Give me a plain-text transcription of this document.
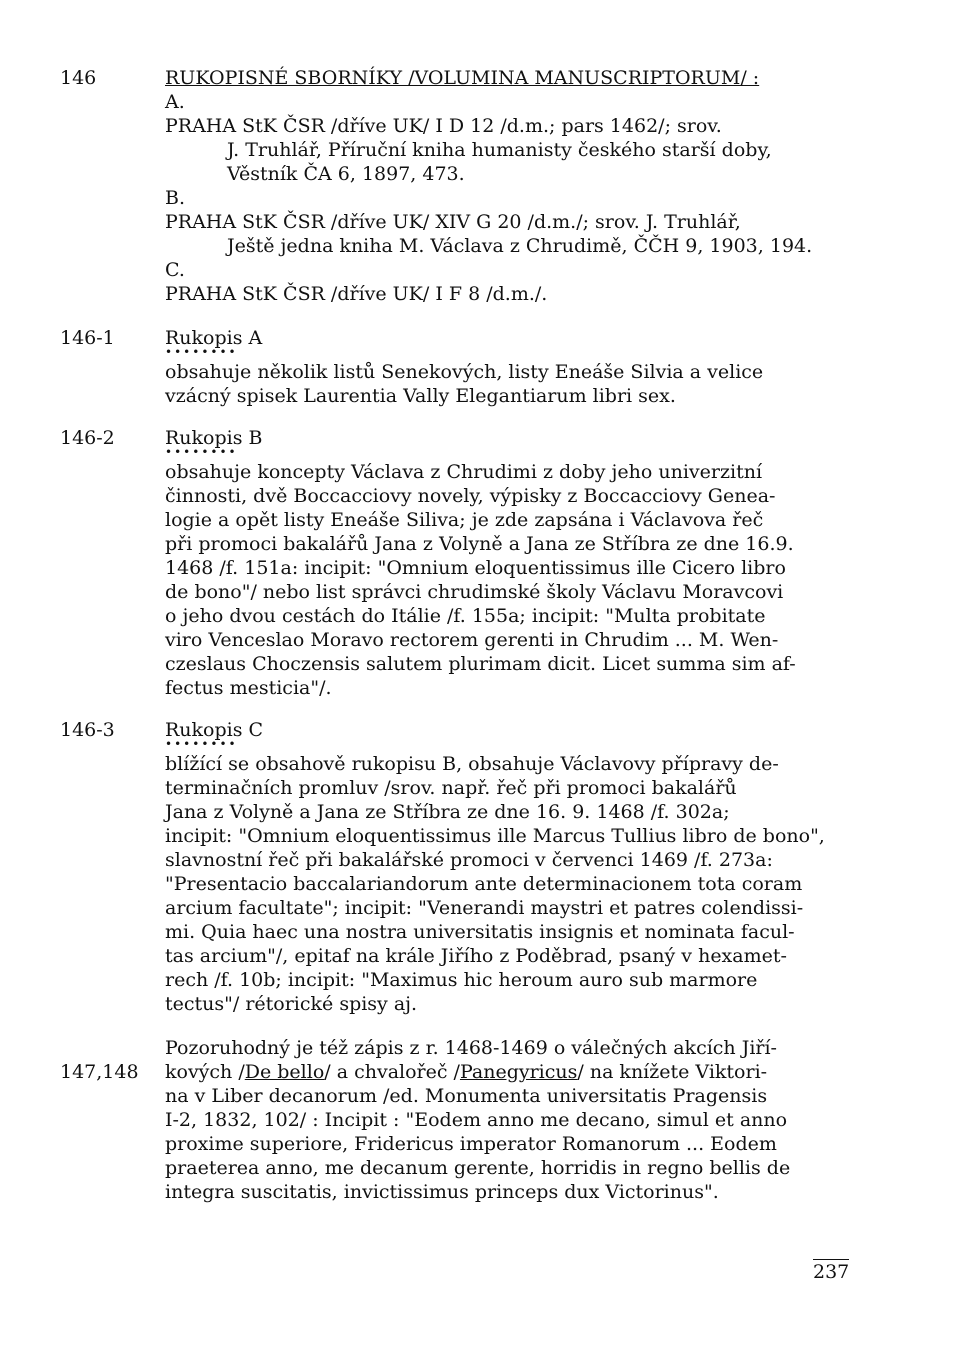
146	RUKOPISNÉ SBORNÍKY /VOLUMINA MANUSCRIPTORUM/ :
A.
PRAHA StK ČSR /dříve UK/ I D 12 /d.m.; pars 1462/; srov.
J. Truhlář, Příruční kniha humanisty českého starší doby,
Věstník ČA 6, 1897, 473.
B.
PRAHA StK ČSR /dříve UK/ XIV G 20 /d.m./; srov. J. Truhlář,
Ještě jedna kniha M. Václava z Chrudimě, ČČH 9, 1903, 194.
C.
PRAHA StK ČSR /dříve UK/ I F 8 /d.m./.
146-1	Rukopis A
••••••••
obsahuje několik listů Senekových, listy Eneáše Silvia a velice
vzácný spisek Laurentia Vally Elegantiarum libri sex.
146-2	Rukopis B
••••••••
obsahuje koncepty Václava z Chrudimi z doby jeho univerzitní
činnosti, dvě Boccacciovy novely, výpisky z Boccacciovy Genea-
logie a opět listy Eneáše Siliva; je zde zapsána i Václavova řeč
při promoci bakalářů Jana z Volyně a Jana ze Stříbra ze dne 16.9.
1468 /f. 151a: incipit: "Omnium eloquentissimus ille Cicero libro
de bono"/ nebo list správci chrudimské školy Václavu Moravcovi
o jeho dvou cestách do Itálie /f. 155a; incipit: "Multa probitate
viro Venceslao Moravo rectorem gerenti in Chrudim ... M. Wen-
czeslaus Choczensis salutem plurimam dicit. Licet summa sim af-
fectus mesticia"/.
146-3	Rukopis C
••••••••
blížící se obsahově rukopisu B, obsahuje Václavovy přípravy de-
terminačních promluv /srov. např. řeč při promoci bakalářů
Jana z Volyně a Jana ze Stříbra ze dne 16. 9. 1468 /f. 302a;
incipit: "Omnium eloquentissimus ille Marcus Tullius libro de bono",
slavnostní řeč při bakalářské promoci v červenci 1469 /f. 273a:
"Presentacio baccalariandorum ante determinacionem tota coram
arcium facultate"; incipit: "Venerandi maystri et patres colendissi-
mi. Quia haec una nostra universitatis insignis et nominata facul-
tas arcium"/, epitaf na krále Jiřího z Poděbrad, psaný v hexamet-
rech /f. 10b; incipit: "Maximus hic heroum auro sub marmore
tectus"/ rétorické spisy aj.
147,148
Pozoruhodný je též zápis z r. 1468-1469 o válečných akcích Jiří-
kových /De bello/ a chvalořeč /Panegyricus/ na knížete Viktori-
na v Liber decanorum /ed. Monumenta universitatis Pragensis
I-2, 1832, 102/ : Incipit : "Eodem anno me decano, simul et anno
proxime superiore, Fridericus imperator Romanorum ... Eodem
praeterea anno, me decanum gerente, horridis in regno bellis de
integra suscitatis, invictissimus princeps dux Victorinus".
237
